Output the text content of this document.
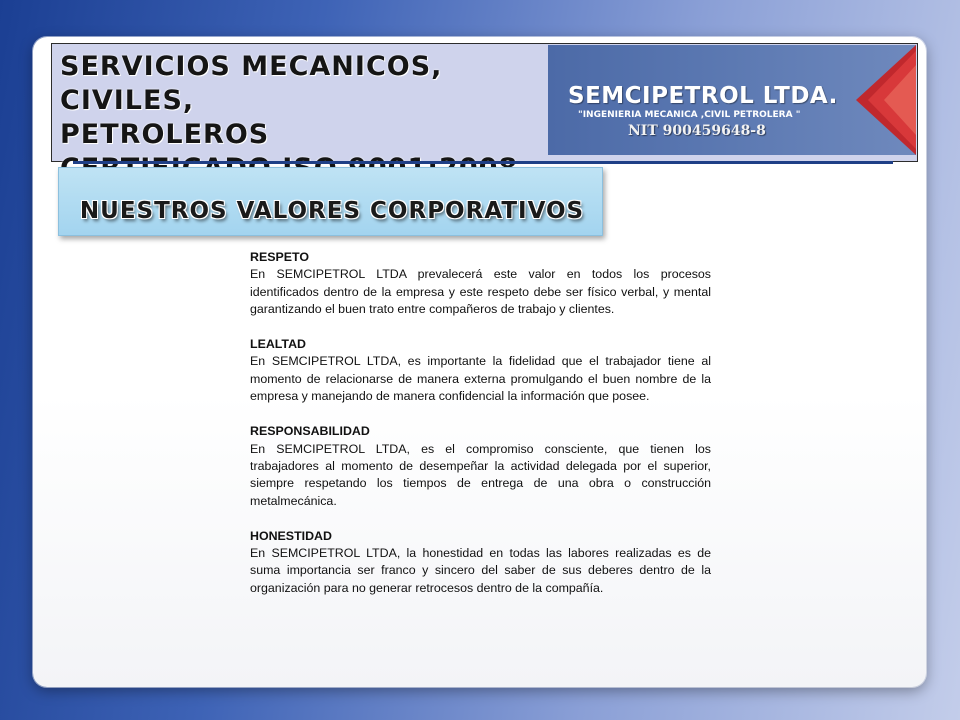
SERVICIOS MECANICOS, CIVILES,
PETROLEROS
SEMCIPETROL LTDA.
"INGENIERIA MECANICA ,CIVIL PETROLERA "
NIT 900459648-8
NUESTROS VALORES CORPORATIVOS
RESPETO
En SEMCIPETROL LTDA prevalecerá este valor en todos los procesos identificados dentro de la empresa y este respeto debe ser físico verbal, y mental garantizando el buen trato entre compañeros de trabajo y clientes.
LEALTAD
En SEMCIPETROL LTDA, es importante la fidelidad que el trabajador tiene al momento de relacionarse de manera externa promulgando el buen nombre de la empresa y manejando de manera confidencial la información que posee.
RESPONSABILIDAD
En SEMCIPETROL LTDA, es el compromiso consciente, que tienen los trabajadores al momento de desempeñar la actividad delegada por el superior, siempre respetando los tiempos de entrega de una obra o construcción metalmecánica.
HONESTIDAD
En SEMCIPETROL LTDA, la honestidad en todas las labores realizadas es de suma importancia ser franco y sincero del saber de sus deberes dentro de la organización para no generar retrocesos dentro de la compañía.
